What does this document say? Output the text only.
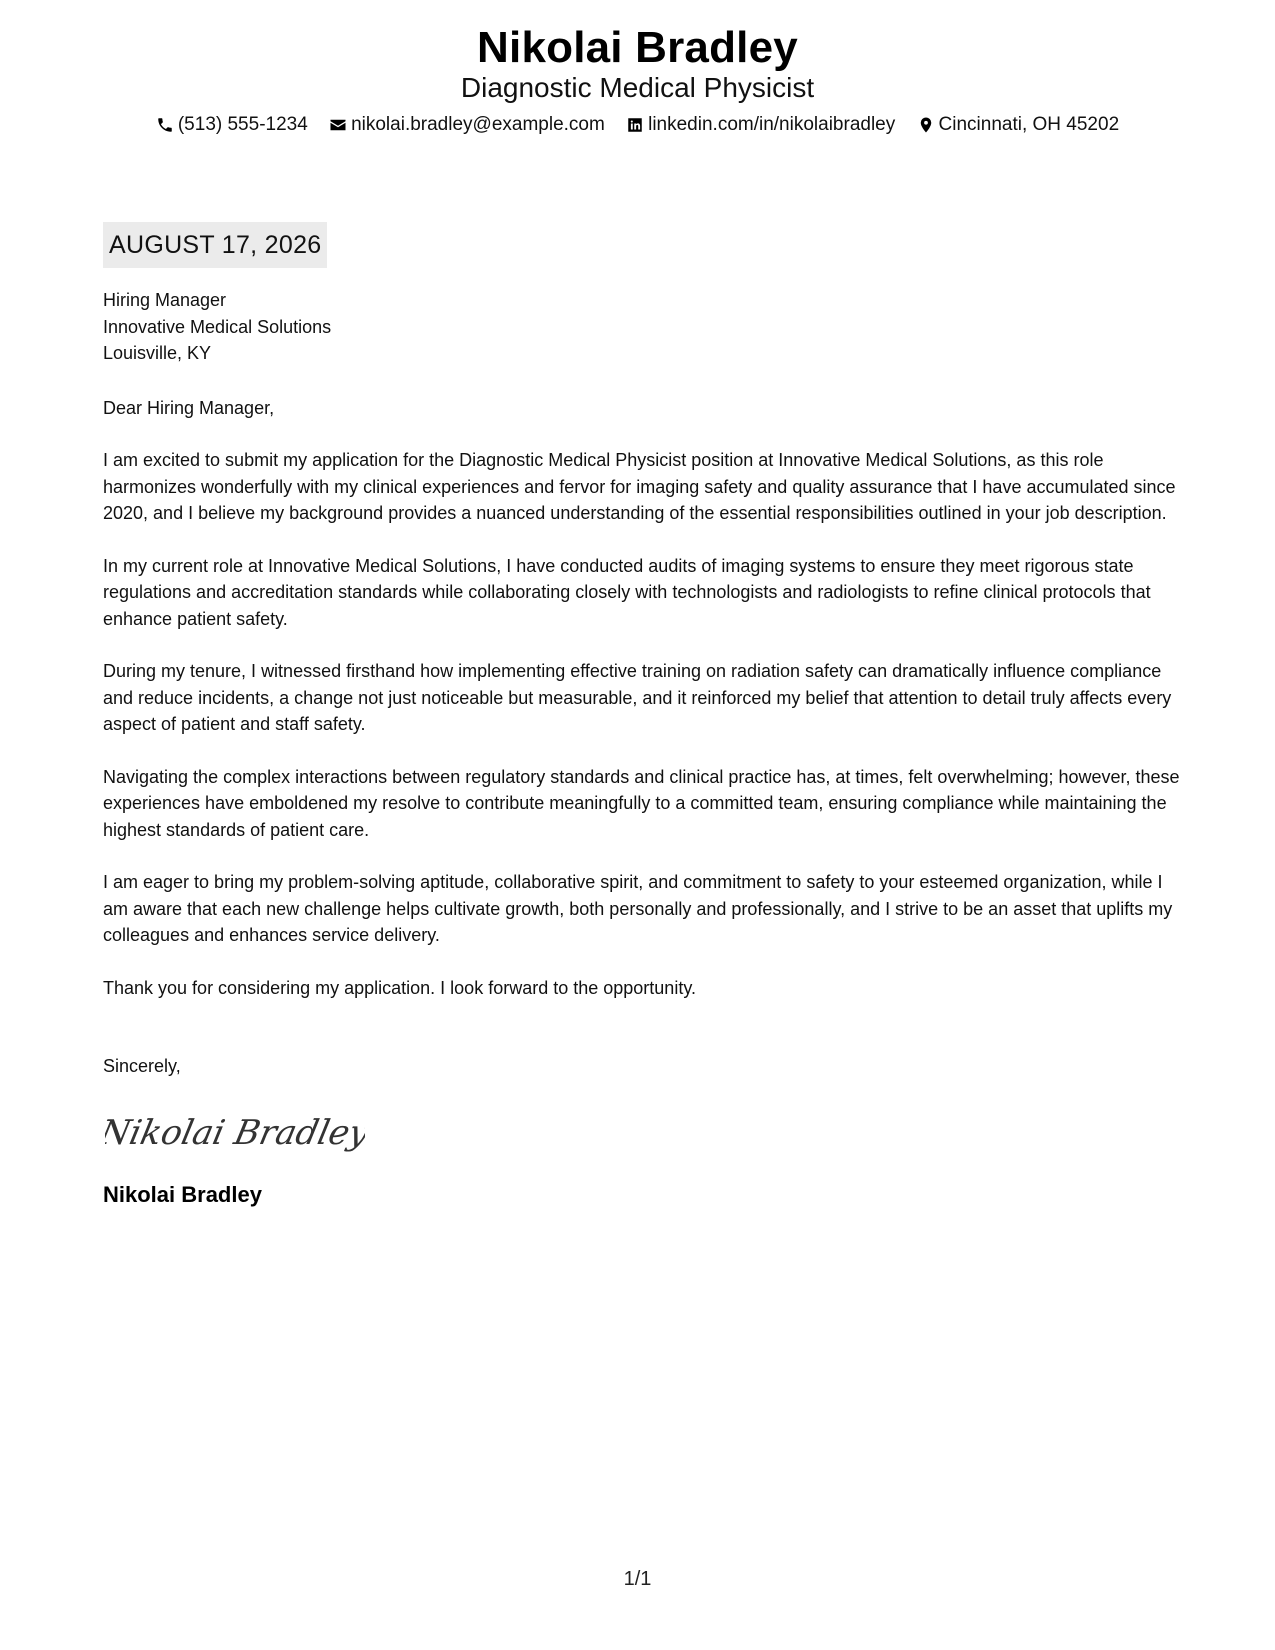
Nikolai Bradley
Diagnostic Medical Physicist
(513) 555-1234
nikolai.bradley@example.com
linkedin.com/in/nikolaibradley
Cincinnati, OH 45202
AUGUST 17, 2026
Hiring Manager
Innovative Medical Solutions
Louisville, KY
Dear Hiring Manager,
I am excited to submit my application for the Diagnostic Medical Physicist position at Innovative Medical Solutions, as this role harmonizes wonderfully with my clinical experiences and fervor for imaging safety and quality assurance that I have accumulated since 2020, and I believe my background provides a nuanced understanding of the essential responsibilities outlined in your job description.
In my current role at Innovative Medical Solutions, I have conducted audits of imaging systems to ensure they meet rigorous state regulations and accreditation standards while collaborating closely with technologists and radiologists to refine clinical protocols that enhance patient safety.
During my tenure, I witnessed firsthand how implementing effective training on radiation safety can dramatically influence compliance and reduce incidents, a change not just noticeable but measurable, and it reinforced my belief that attention to detail truly affects every aspect of patient and staff safety.
Navigating the complex interactions between regulatory standards and clinical practice has, at times, felt overwhelming; however, these experiences have emboldened my resolve to contribute meaningfully to a committed team, ensuring compliance while maintaining the highest standards of patient care.
I am eager to bring my problem-solving aptitude, collaborative spirit, and commitment to safety to your esteemed organization, while I am aware that each new challenge helps cultivate growth, both personally and professionally, and I strive to be an asset that uplifts my colleagues and enhances service delivery.
Thank you for considering my application. I look forward to the opportunity.
Sincerely,
Nikolai Bradley
Nikolai Bradley
1/1
